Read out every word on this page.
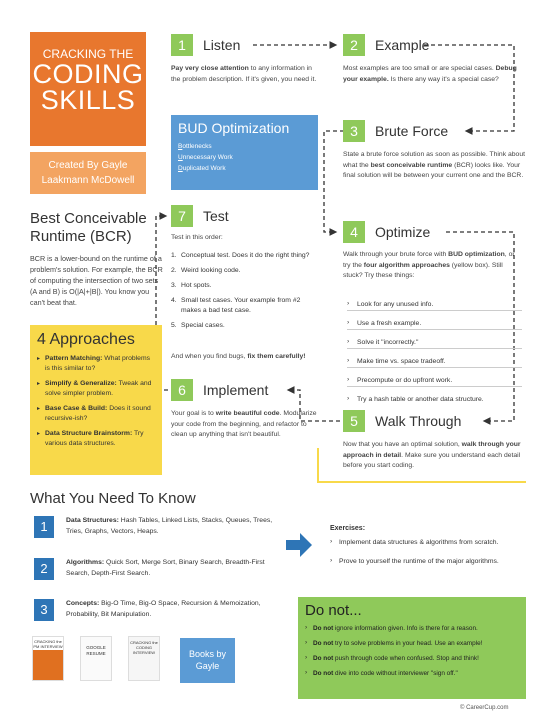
CRACKING THE
CODING
SKILLS
Created By Gayle
Laakmann McDowell
Best Conceivable
Runtime (BCR)
BCR is a lower-bound on the runtime of a problem's solution. For example, the BCR of computing the intersection of two sets (A and B) is O(|A|+|B|). You know you can't beat that.
4 Approaches
▸ Pattern Matching: What problems is this similar to?
▸ Simplify & Generalize: Tweak and solve simpler problem.
▸ Base Case & Build: Does it sound recursive-ish?
▸ Data Structure Brainstorm: Try various data structures.
1	Listen
Pay very close attention to any information in the problem description. If it's given, you need it.
BUD Optimization
Bottlenecks
Unnecessary Work
Duplicated Work
2	Example
Most examples are too small or are special cases. Debug your example. Is there any way it's a special case?
3	Brute Force
State a brute force solution as soon as possible. Think about what the best conceivable runtime (BCR) looks like. Your final solution will be between your current one and the BCR.
4	Optimize
Walk through your brute force with BUD optimization, or try the four algorithm approaches (yellow box). Still stuck? Try these things:
› Look for any unused info.
› Use a fresh example.
› Solve it "incorrectly."
› Make time vs. space tradeoff.
› Precompute or do upfront work.
› Try a hash table or another data structure.
5	Walk Through
Now that you have an optimal solution, walk through your approach in detail. Make sure you understand each detail before you start coding.
7	Test
Test in this order:
1. Conceptual test. Does it do the right thing?
2. Weird looking code.
3. Hot spots.
4. Small test cases. Your example from #2 makes a bad test case.
5. Special cases.
And when you find bugs, fix them carefully!
6	Implement
Your goal is to write beautiful code. Modularize your code from the beginning, and refactor to clean up anything that isn't beautiful.
What You Need To Know
1	Data Structures: Hash Tables, Linked Lists, Stacks, Queues, Trees, Tries, Graphs, Vectors, Heaps.
2	Algorithms: Quick Sort, Merge Sort, Binary Search, Breadth-First Search, Depth-First Search.
3	Concepts: Big-O Time, Big-O Space, Recursion & Memoization, Probability, Bit Manipulation.
Exercises:
› Implement data structures & algorithms from scratch.
› Prove to yourself the runtime of the major algorithms.
Do not...
› Do not ignore information given. Info is there for a reason.
› Do not try to solve problems in your head. Use an example!
› Do not push through code when confused. Stop and think!
› Do not dive into code without interviewer "sign off."
CRACKING the PM INTERVIEW	GOOGLE RESUME
CRACKING the CODING INTERVIEW	Books by
Gayle
© CareerCup.com
